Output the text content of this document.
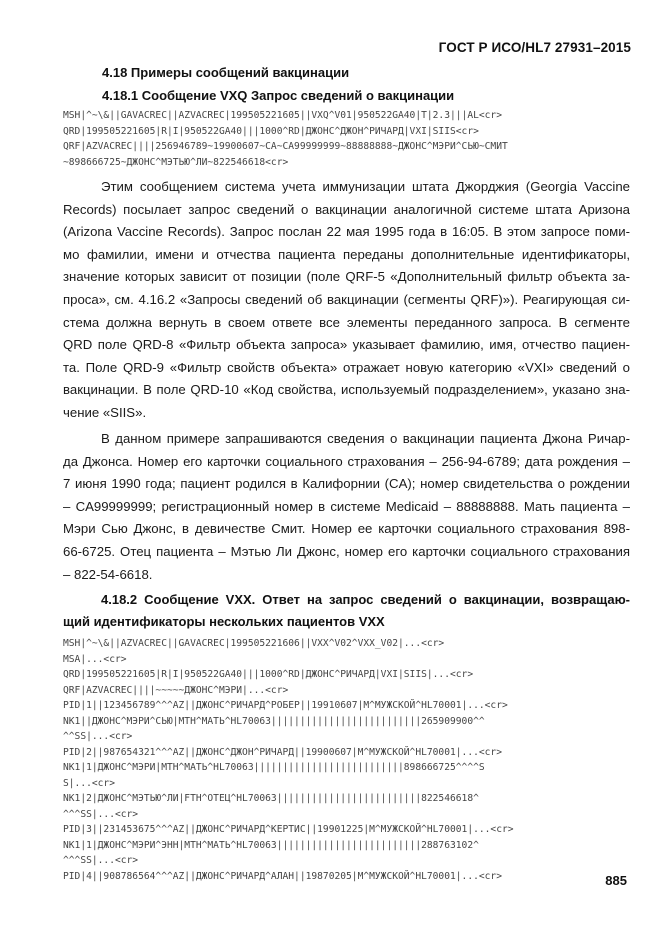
ГОСТ Р ИСО/HL7 27931–2015
4.18 Примеры сообщений вакцинации
4.18.1 Сообщение VXQ Запрос сведений о вакцинации
MSH|^~\&||GAVACREC||AZVACREC|199505221605||VXQ^V01|950522GA40|T|2.3|||AL<cr>
QRD|199505221605|R|I|950522GA40|||1000^RD|ДЖОНС^ДЖОН^РИЧАРД|VXI|SIIS<cr>
QRF|AZVACREC||||256946789~19900607~CA~CA99999999~88888888~ДЖОНС^МЭРИ^СЬЮ~СМИТ
~898666725~ДЖОНС^МЭТЬЮ^ЛИ~822546618<cr>
Этим сообщением система учета иммунизации штата Джорджия (Georgia Vaccine
Records) посылает запрос сведений о вакцинации аналогичной системе штата Аризона
(Arizona Vaccine Records). Запрос послан 22 мая 1995 года в 16:05. В этом запросе поми-
мо фамилии, имени и отчества пациента переданы дополнительные идентификаторы,
значение которых зависит от позиции (поле QRF-5 «Дополнительный фильтр объекта за-
проса», см. 4.16.2 «Запросы сведений об вакцинации (сегменты QRF)»). Реагирующая си-
стема должна вернуть в своем ответе все элементы переданного запроса. В сегменте
QRD поле QRD-8 «Фильтр объекта запроса» указывает фамилию, имя, отчество пациен-
та. Поле QRD-9 «Фильтр свойств объекта» отражает новую категорию «VXI» сведений о
вакцинации. В поле QRD-10 «Код свойства, используемый подразделением», указано зна-
чение «SIIS».
В данном примере запрашиваются сведения о вакцинации пациента Джона Ричар-
да Джонса. Номер его карточки социального страхования – 256-94-6789; дата рождения –
7 июня 1990 года; пациент родился в Калифорнии (CA); номер свидетельства о рождении
– CA99999999; регистрационный номер в системе Medicaid – 88888888. Мать пациента –
Мэри Сью Джонс, в девичестве Смит. Номер ее карточки социального страхования 898-
66-6725. Отец пациента – Мэтью Ли Джонс, номер его карточки социального страхования
– 822-54-6618.
4.18.2 Сообщение VXX. Ответ на запрос сведений о вакцинации, возвращаю-
щий идентификаторы нескольких пациентов VXX
MSH|^~\&||AZVACREC||GAVACREC|199505221606||VXX^V02^VXX_V02|...<cr>
MSA|...<cr>
QRD|199505221605|R|I|950522GA40|||1000^RD|ДЖОНС^РИЧАРД|VXI|SIIS|...<cr>
QRF|AZVACREC||||~~~~~ДЖОНС^МЭРИ|...<cr>
PID|1||123456789^^^AZ||ДЖОНС^РИЧАРД^РОБЕР||19910607|M^МУЖСКОЙ^HL70001|...<cr>
NK1||ДЖОНС^МЭРИ^СЬЮ|MTH^МАТЬ^HL70063||||||||||||||||||||||||||265909900^^
^^SS|...<cr>
PID|2||987654321^^^AZ||ДЖОНС^ДЖОН^РИЧАРД||19900607|M^МУЖСКОЙ^HL70001|...<cr>
NK1|1|ДЖОНС^МЭРИ|MTH^МАТЬ^HL70063||||||||||||||||||||||||||898666725^^^^S
S|...<cr>
NK1|2|ДЖОНС^МЭТЬЮ^ЛИ|FTH^ОТЕЦ^HL70063|||||||||||||||||||||||||822546618^
^^^SS|...<cr>
PID|3||231453675^^^AZ||ДЖОНС^РИЧАРД^КЕРТИС||19901225|M^МУЖСКОЙ^HL70001|...<cr>
NK1|1|ДЖОНС^МЭРИ^ЭНН|MTH^МАТЬ^HL70063|||||||||||||||||||||||||288763102^
^^^SS|...<cr>
PID|4||908786564^^^AZ||ДЖОНС^РИЧАРД^АЛАН||19870205|M^МУЖСКОЙ^HL70001|...<cr>	885
